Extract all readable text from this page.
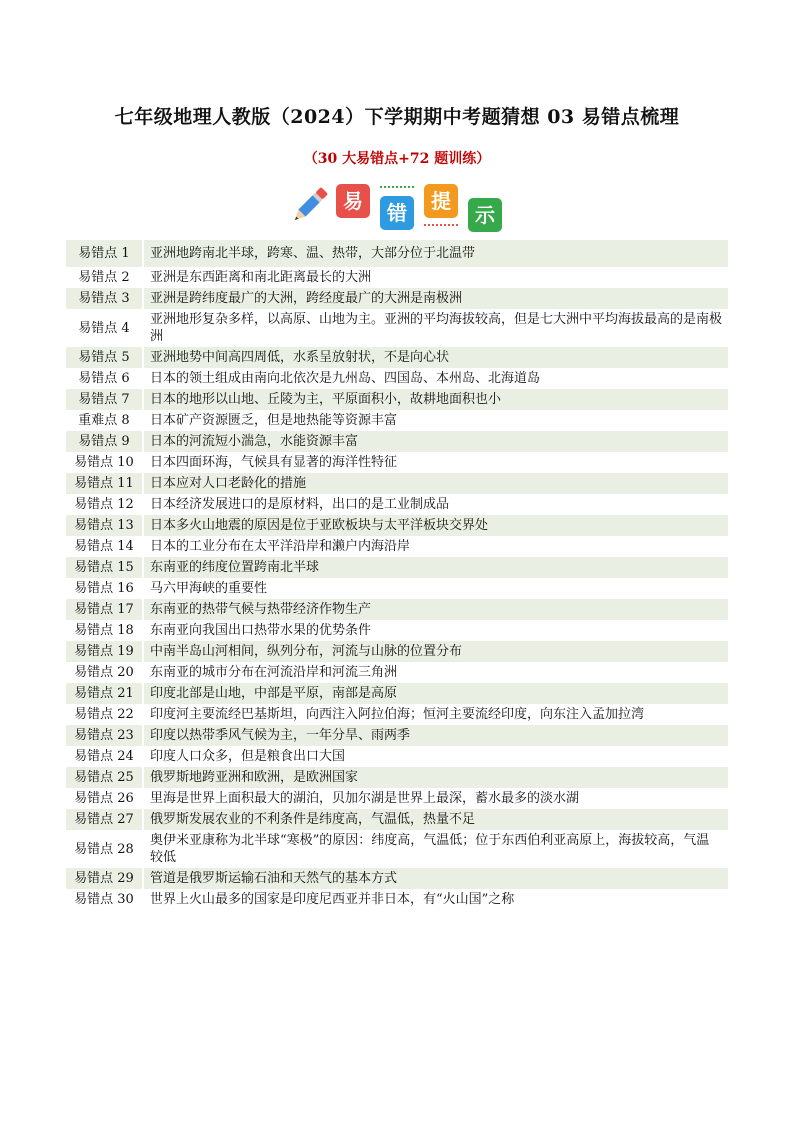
七年级地理人教版（2024）下学期期中考题猜想 03 易错点梳理
（30 大易错点+72 题训练）
易	错	提
示
易错点 1	亚洲地跨南北半球，跨寒、温、热带，大部分位于北温带
易错点 2	亚洲是东西距离和南北距离最长的大洲
易错点 3	亚洲是跨纬度最广的大洲，跨经度最广的大洲是南极洲
易错点 4	亚洲地形复杂多样，以高原、山地为主。亚洲的平均海拔较高，但是七大洲中平均海拔最高的是南极洲
易错点 5	亚洲地势中间高四周低，水系呈放射状，不是向心状
易错点 6	日本的领土组成由南向北依次是九州岛、四国岛、本州岛、北海道岛
易错点 7	日本的地形以山地、丘陵为主，平原面积小，故耕地面积也小
重难点 8	日本矿产资源匮乏，但是地热能等资源丰富
易错点 9	日本的河流短小湍急，水能资源丰富
易错点 10	日本四面环海，气候具有显著的海洋性特征
易错点 11	日本应对人口老龄化的措施
易错点 12	日本经济发展进口的是原材料，出口的是工业制成品
易错点 13	日本多火山地震的原因是位于亚欧板块与太平洋板块交界处
易错点 14	日本的工业分布在太平洋沿岸和濑户内海沿岸
易错点 15	东南亚的纬度位置跨南北半球
易错点 16	马六甲海峡的重要性
易错点 17	东南亚的热带气候与热带经济作物生产
易错点 18	东南亚向我国出口热带水果的优势条件
易错点 19	中南半岛山河相间，纵列分布，河流与山脉的位置分布
易错点 20	东南亚的城市分布在河流沿岸和河流三角洲
易错点 21	印度北部是山地，中部是平原，南部是高原
易错点 22	印度河主要流经巴基斯坦，向西注入阿拉伯海；恒河主要流经印度，向东注入孟加拉湾
易错点 23	印度以热带季风气候为主，一年分旱、雨两季
易错点 24	印度人口众多，但是粮食出口大国
易错点 25	俄罗斯地跨亚洲和欧洲，是欧洲国家
易错点 26	里海是世界上面积最大的湖泊，贝加尔湖是世界上最深，蓄水最多的淡水湖
易错点 27	俄罗斯发展农业的不利条件是纬度高，气温低，热量不足
易错点 28	奥伊米亚康称为北半球“寒极”的原因：纬度高，气温低；位于东西伯利亚高原上，海拔较高，气温较低
易错点 29	管道是俄罗斯运输石油和天然气的基本方式
易错点 30	世界上火山最多的国家是印度尼西亚并非日本，有“火山国”之称
